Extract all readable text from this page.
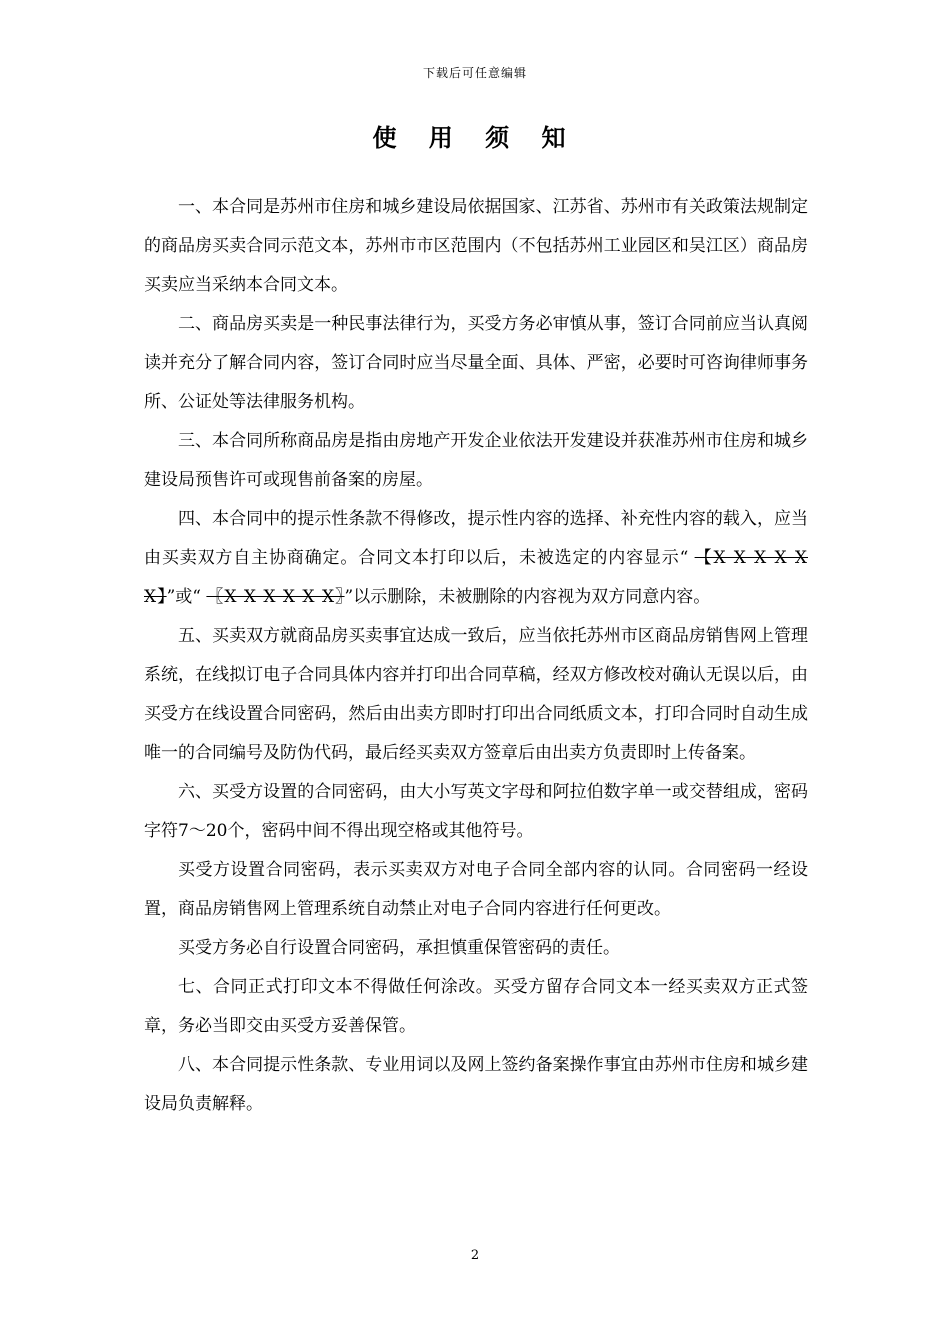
下载后可任意编辑
使 用 须 知

一、本合同是苏州市住房和城乡建设局依据国家、江苏省、苏州市有关政策法规制定的商品房买卖合同示范文本，苏州市市区范围内（不包括苏州工业园区和吴江区）商品房买卖应当采纳本合同文本。

二、商品房买卖是一种民事法律行为，买受方务必审慎从事，签订合同前应当认真阅读并充分了解合同内容，签订合同时应当尽量全面、具体、严密，必要时可咨询律师事务所、公证处等法律服务机构。

三、本合同所称商品房是指由房地产开发企业依法开发建设并获准苏州市住房和城乡建设局预售许可或现售前备案的房屋。

四、本合同中的提示性条款不得修改，提示性内容的选择、补充性内容的载入，应当由买卖双方自主协商确定。合同文本打印以后，未被选定的内容显示“ 【X X X X X X】”或“ 〖X X X X X X〗”以示删除，未被删除的内容视为双方同意内容。

五、买卖双方就商品房买卖事宜达成一致后，应当依托苏州市区商品房销售网上管理系统，在线拟订电子合同具体内容并打印出合同草稿，经双方修改校对确认无误以后，由买受方在线设置合同密码，然后由出卖方即时打印出合同纸质文本，打印合同时自动生成唯一的合同编号及防伪代码，最后经买卖双方签章后由出卖方负责即时上传备案。

六、买受方设置的合同密码，由大小写英文字母和阿拉伯数字单一或交替组成，密码字符7～20个，密码中间不得出现空格或其他符号。

买受方设置合同密码，表示买卖双方对电子合同全部内容的认同。合同密码一经设置，商品房销售网上管理系统自动禁止对电子合同内容进行任何更改。

买受方务必自行设置合同密码，承担慎重保管密码的责任。

七、合同正式打印文本不得做任何涂改。买受方留存合同文本一经买卖双方正式签章，务必当即交由买受方妥善保管。

八、本合同提示性条款、专业用词以及网上签约备案操作事宜由苏州市住房和城乡建设局负责解释。

2
